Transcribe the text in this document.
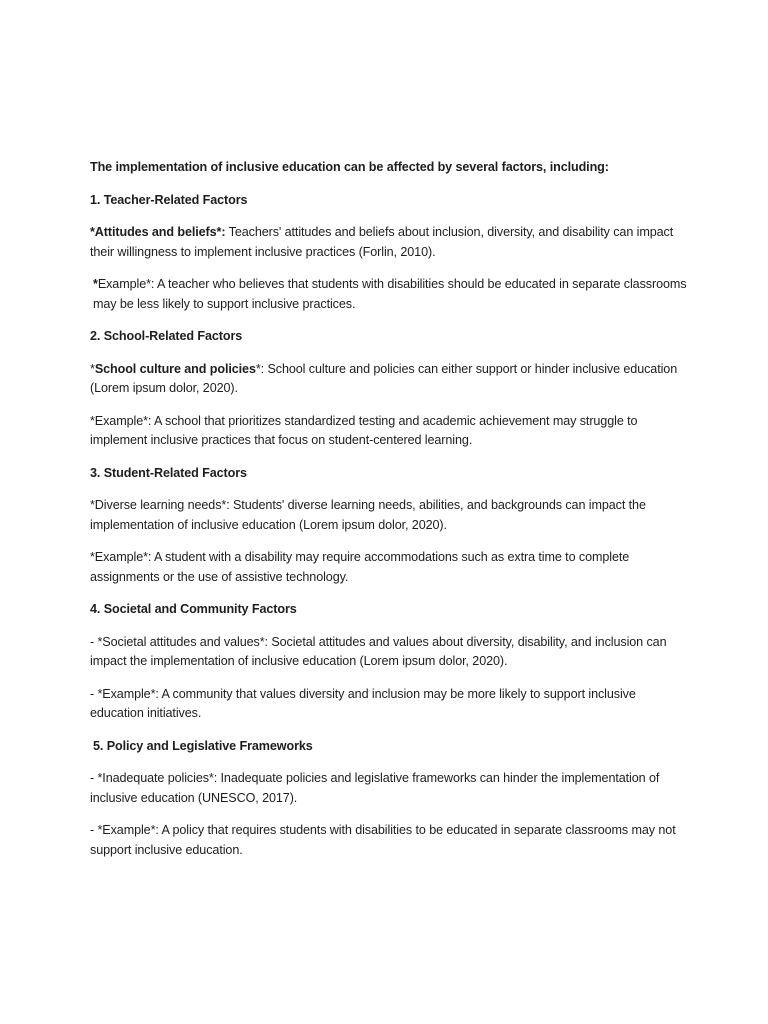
The implementation of inclusive education can be affected by several factors, including:

1. Teacher-Related Factors

*Attitudes and beliefs*: Teachers' attitudes and beliefs about inclusion, diversity, and disability can impact their willingness to implement inclusive practices (Forlin, 2010).

*Example*: A teacher who believes that students with disabilities should be educated in separate classrooms may be less likely to support inclusive practices.

2. School-Related Factors

*School culture and policies*: School culture and policies can either support or hinder inclusive education (Lorem ipsum dolor, 2020).

*Example*: A school that prioritizes standardized testing and academic achievement may struggle to implement inclusive practices that focus on student-centered learning.

3. Student-Related Factors

*Diverse learning needs*: Students' diverse learning needs, abilities, and backgrounds can impact the implementation of inclusive education (Lorem ipsum dolor, 2020).

*Example*: A student with a disability may require accommodations such as extra time to complete assignments or the use of assistive technology.

4. Societal and Community Factors

- *Societal attitudes and values*: Societal attitudes and values about diversity, disability, and inclusion can impact the implementation of inclusive education (Lorem ipsum dolor, 2020).

- *Example*: A community that values diversity and inclusion may be more likely to support inclusive education initiatives.

5. Policy and Legislative Frameworks

- *Inadequate policies*: Inadequate policies and legislative frameworks can hinder the implementation of inclusive education (UNESCO, 2017).

- *Example*: A policy that requires students with disabilities to be educated in separate classrooms may not support inclusive education.
